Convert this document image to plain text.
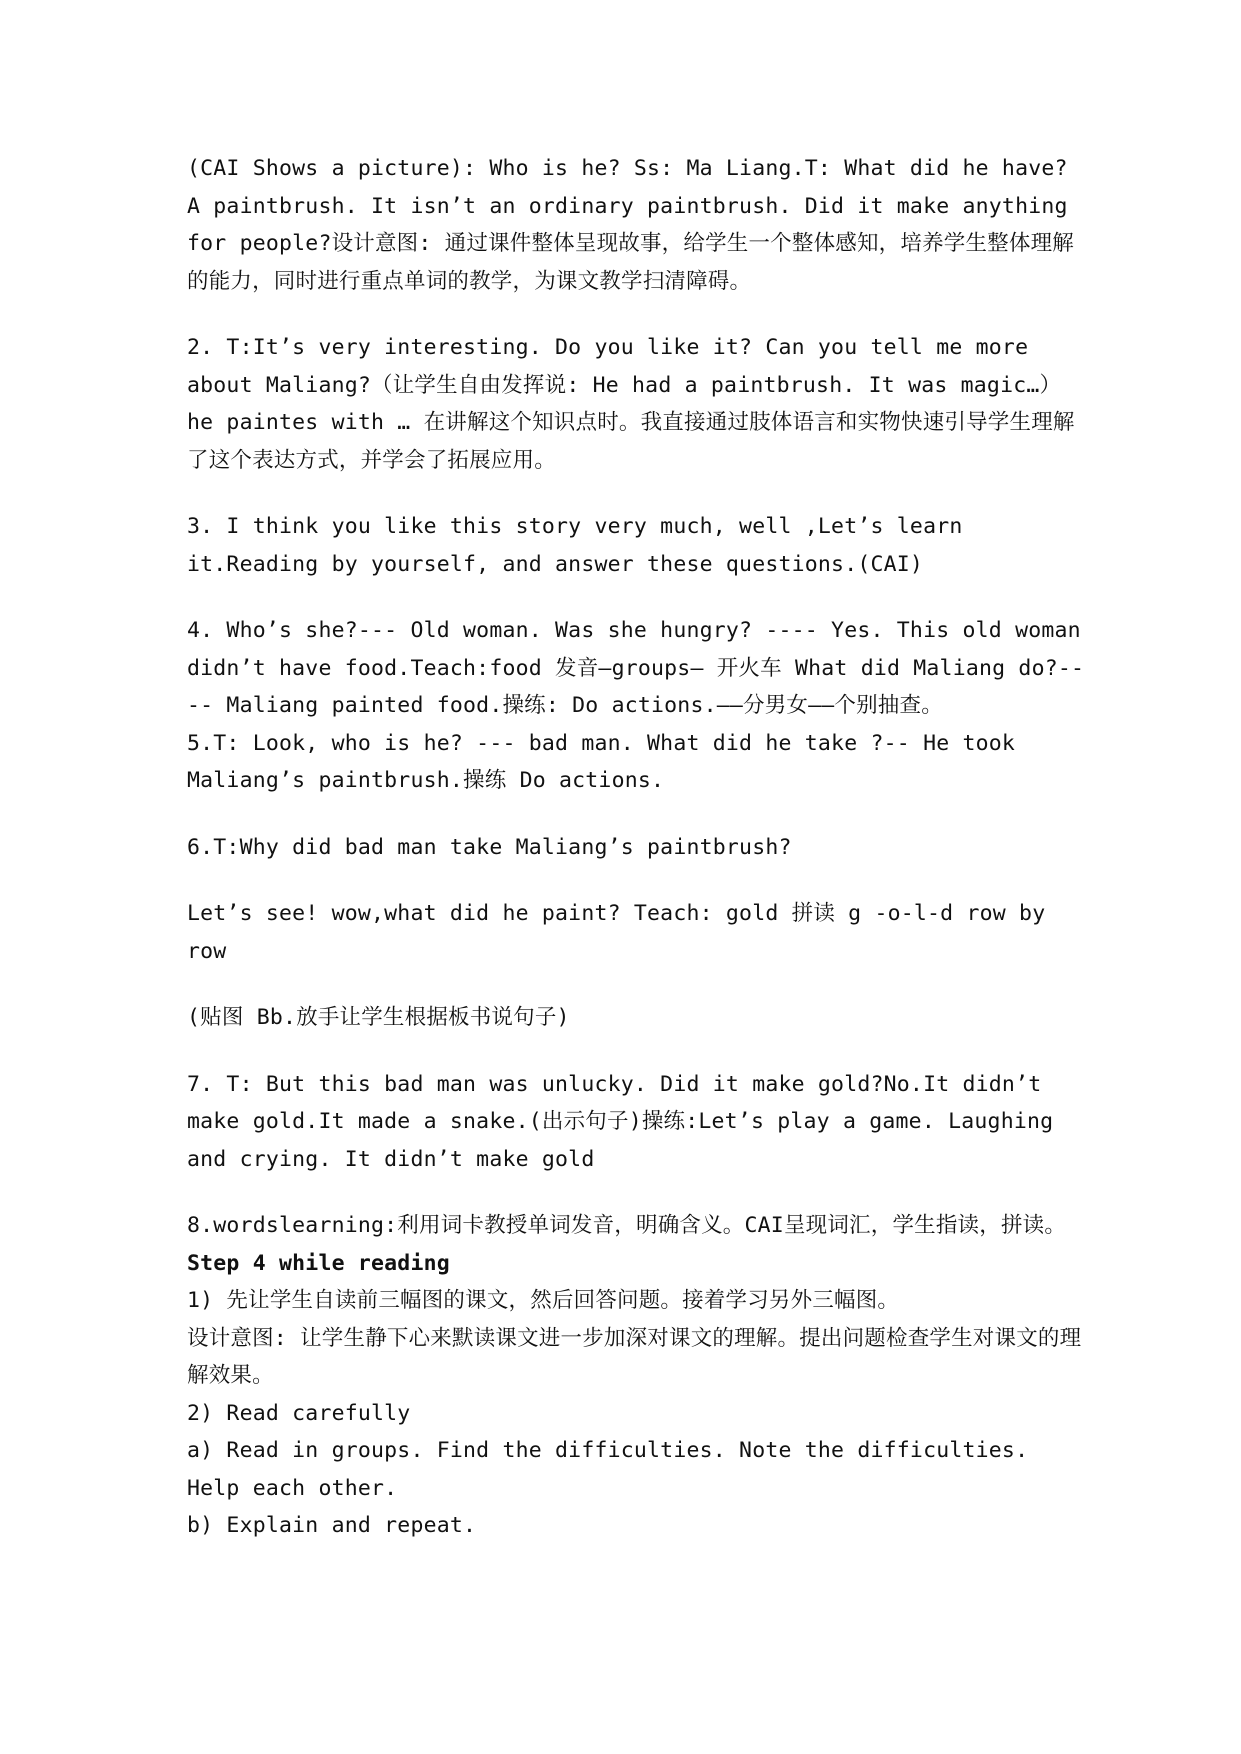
(CAI Shows a picture): Who is he? Ss: Ma Liang.T: What did he have? A paintbrush. It isn’t an ordinary paintbrush. Did it make anything for people?设计意图: 通过课件整体呈现故事，给学生一个整体感知，培养学生整体理解的能力，同时进行重点单词的教学，为课文教学扫清障碍。

2. T:It’s very interesting. Do you like it? Can you tell me more about Maliang?（让学生自由发挥说: He had a paintbrush. It was magic…）he paintes with … 在讲解这个知识点时。我直接通过肢体语言和实物快速引导学生理解了这个表达方式，并学会了拓展应用。

3. I think you like this story very much, well ,Let’s learn it.Reading by yourself, and answer these questions.(CAI)

4. Who’s she?--- Old woman. Was she hungry? ---- Yes. This old woman didn’t have food.Teach:food 发音—groups— 开火车 What did Maliang do?---- Maliang painted food.操练: Do actions.——分男女——个别抽查。

5.T: Look, who is he? --- bad man. What did he take ?-- He took Maliang’s paintbrush.操练 Do actions.

6.T:Why did bad man take Maliang’s paintbrush?

Let’s see! wow,what did he paint? Teach: gold 拼读 g -o-l-d row by row

(贴图 Bb.放手让学生根据板书说句子)

7. T: But this bad man was unlucky. Did it make gold?No.It didn’t make gold.It made a snake.(出示句子)操练:Let’s play a game. Laughing and crying. It didn’t make gold

8.wordslearning:利用词卡教授单词发音，明确含义。CAI呈现词汇，学生指读，拼读。

Step 4 while reading

1) 先让学生自读前三幅图的课文，然后回答问题。接着学习另外三幅图。

设计意图: 让学生静下心来默读课文进一步加深对课文的理解。提出问题检查学生对课文的理解效果。

2) Read carefully

a) Read in groups. Find the difficulties. Note the difficulties.

Help each other.

b) Explain and repeat.
